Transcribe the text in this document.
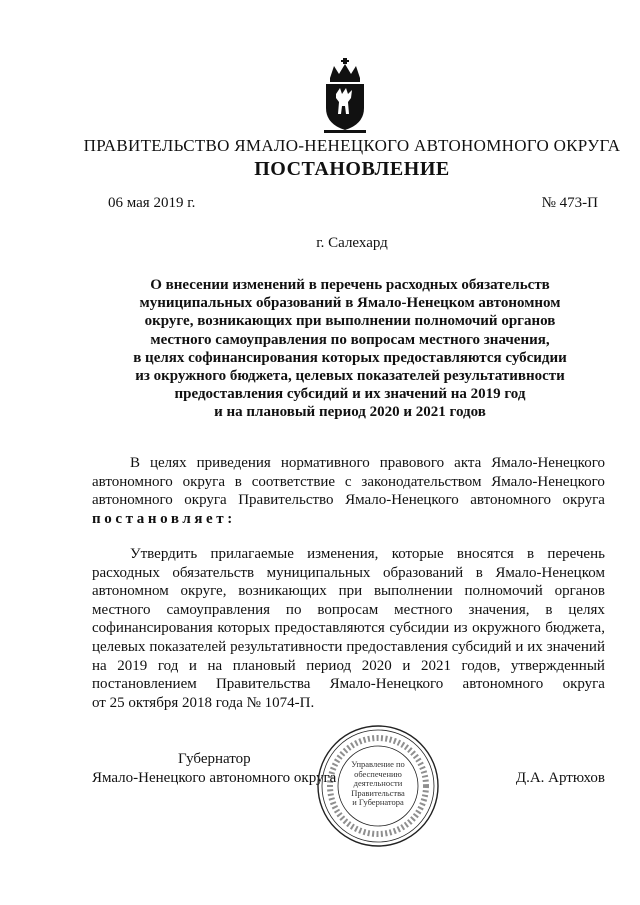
ПРАВИТЕЛЬСТВО ЯМАЛО-НЕНЕЦКОГО АВТОНОМНОГО ОКРУГА
ПОСТАНОВЛЕНИЕ
06 мая 2019 г.	№ 473-П
г. Салехард
О внесении изменений в перечень расходных обязательств
муниципальных образований в Ямало-Ненецком автономном
округе, возникающих при выполнении полномочий органов
местного самоуправления по вопросам местного значения,
в целях софинансирования которых предоставляются субсидии
из окружного бюджета, целевых показателей результативности
предоставления субсидий и их значений на 2019 год
и на плановый период 2020 и 2021 годов
В целях приведения нормативного правового акта Ямало-Ненецкого
автономного округа в соответствие с законодательством Ямало-Ненецкого
автономного округа Правительство Ямало-Ненецкого автономного округа
постановляет:
Утвердить прилагаемые изменения, которые вносятся в перечень
расходных обязательств муниципальных образований в Ямало-Ненецком
автономном округе, возникающих при выполнении полномочий органов
местного самоуправления по вопросам местного значения, в целях
софинансирования которых предоставляются субсидии из окружного бюджета,
целевых показателей результативности предоставления субсидий и их значений
на 2019 год и на плановый период 2020 и 2021 годов, утвержденный
постановлением Правительства Ямало-Ненецкого автономного округа
от 25 октября 2018 года № 1074-П.
Губернатор
Ямало-Ненецкого автономного округа	Д.А. Артюхов
Управление по
обеспечению
деятельности
Правительства
и Губернатора
